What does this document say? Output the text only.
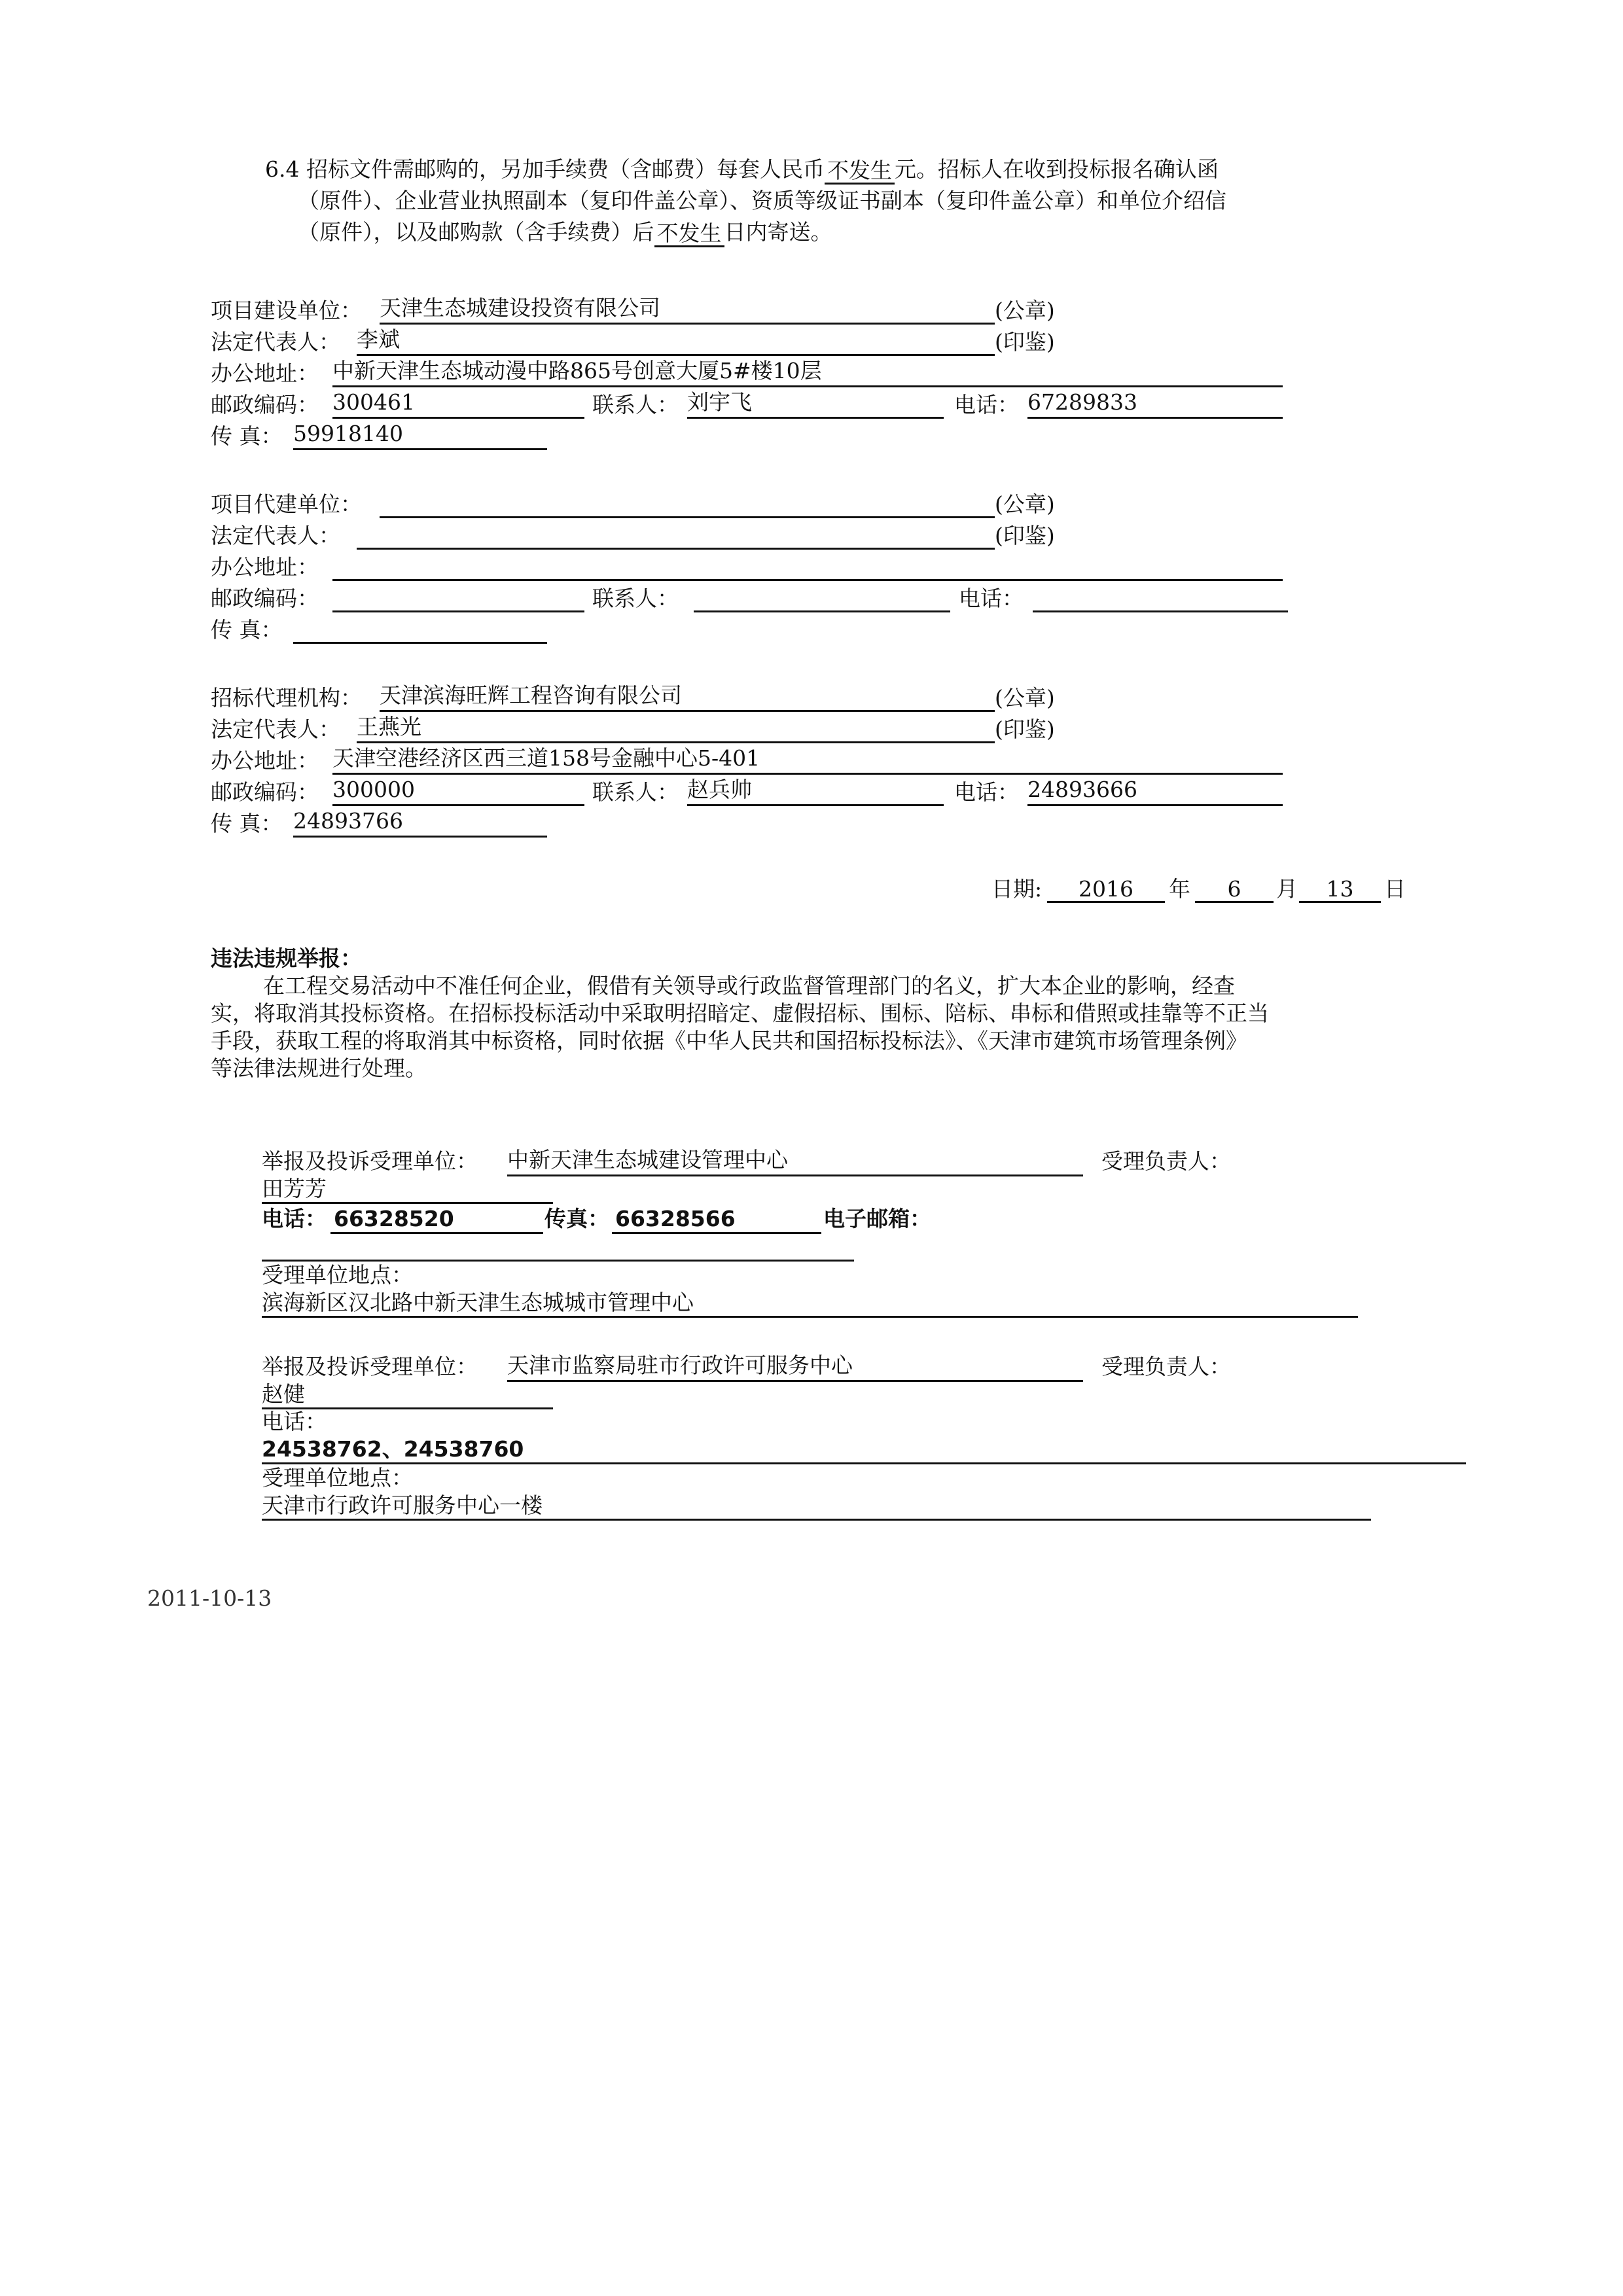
6.4 招标文件需邮购的，另加手续费（含邮费）每套人民币 不发生 元。招标人在收到投标报名确认函
（原件）、企业营业执照副本（复印件盖公章）、资质等级证书副本（复印件盖公章）和单位介绍信
（原件），以及邮购款（含手续费）后 不发生 日内寄送。
项目建设单位： 天津生态城建设投资有限公司	(公章)
法定代表人： 李斌	(印鉴)
办公地址： 中新天津生态城动漫中路865号创意大厦5#楼10层
邮政编码： 300461	联系人： 刘宇飞	电话： 67289833
传 真： 59918140
项目代建单位：	(公章)
法定代表人：	(印鉴)
办公地址：
邮政编码：	联系人：	电话：
传 真：
招标代理机构： 天津滨海旺辉工程咨询有限公司	(公章)
法定代表人： 王燕光	(印鉴)
办公地址： 天津空港经济区西三道158号金融中心5-401
邮政编码： 300000	联系人： 赵兵帅	电话： 24893666
传 真： 24893766
日期:	2016	年	6	月	13	日
违法违规举报：
在工程交易活动中不准任何企业，假借有关领导或行政监督管理部门的名义，扩大本企业的影响，经查
实，将取消其投标资格。在招标投标活动中采取明招暗定、虚假招标、围标、陪标、串标和借照或挂靠等不正当
手段，获取工程的将取消其中标资格，同时依据《中华人民共和国招标投标法》、《天津市建筑市场管理条例》
等法律法规进行处理。
举报及投诉受理单位： 中新天津生态城建设管理中心	受理负责人：
田芳芳
电话： 66328520	传真： 66328566	电子邮箱：
受理单位地点：
滨海新区汉北路中新天津生态城城市管理中心
举报及投诉受理单位： 天津市监察局驻市行政许可服务中心	受理负责人：
赵健
电话：
24538762、24538760
受理单位地点：
天津市行政许可服务中心一楼
2011-10-13
